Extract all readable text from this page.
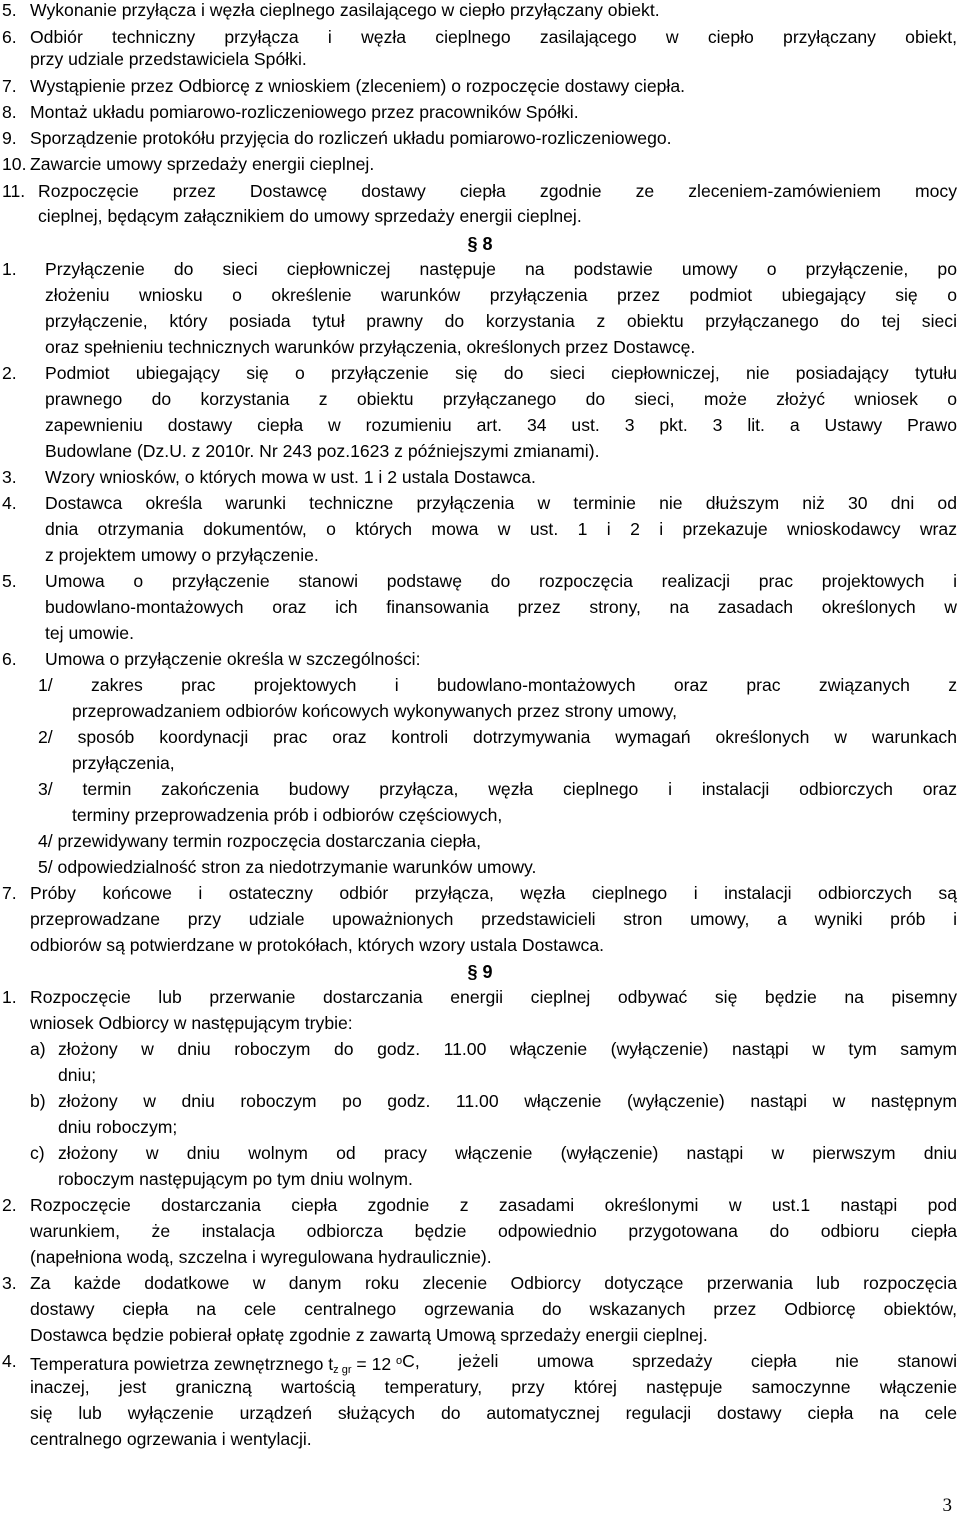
5. Wykonanie przyłącza i węzła cieplnego zasilającego w ciepło przyłączany obiekt.
6. Odbiór techniczny przyłącza i węzła cieplnego zasilającego w ciepło przyłączany obiekt,
przy udziale przedstawiciela Spółki.
7. Wystąpienie przez Odbiorcę z wnioskiem (zleceniem) o rozpoczęcie dostawy ciepła.
8. Montaż układu pomiarowo-rozliczeniowego przez pracowników Spółki.
9. Sporządzenie protokółu przyjęcia do rozliczeń układu pomiarowo-rozliczeniowego.
10. Zawarcie umowy sprzedaży energii cieplnej.
11. Rozpoczęcie przez Dostawcę dostawy ciepła zgodnie ze zleceniem-zamówieniem mocy
cieplnej, będącym załącznikiem do umowy sprzedaży energii cieplnej.
§ 8
1. Przyłączenie do sieci ciepłowniczej następuje na podstawie umowy o przyłączenie, po
złożeniu wniosku o określenie warunków przyłączenia przez podmiot ubiegający się o
przyłączenie, który posiada tytuł prawny do korzystania z obiektu przyłączanego do tej sieci
oraz spełnieniu technicznych warunków przyłączenia, określonych przez Dostawcę.
2. Podmiot ubiegający się o przyłączenie się do sieci ciepłowniczej, nie posiadający tytułu
prawnego do korzystania z obiektu przyłączanego do sieci, może złożyć wniosek o
zapewnieniu dostawy ciepła w rozumieniu art. 34 ust. 3 pkt. 3 lit. a Ustawy Prawo
Budowlane (Dz.U. z 2010r. Nr 243 poz.1623 z późniejszymi zmianami).
3. Wzory wniosków, o których mowa w ust. 1 i 2 ustala Dostawca.
4. Dostawca określa warunki techniczne przyłączenia w terminie nie dłuższym niż 30 dni od
dnia otrzymania dokumentów, o których mowa w ust. 1 i 2 i przekazuje wnioskodawcy wraz
z projektem umowy o przyłączenie.
5. Umowa o przyłączenie stanowi podstawę do rozpoczęcia realizacji prac projektowych i
budowlano-montażowych oraz ich finansowania przez strony, na zasadach określonych w
tej umowie.
6. Umowa o przyłączenie określa w szczególności:
1/ zakres prac projektowych i budowlano-montażowych oraz prac związanych z
przeprowadzaniem odbiorów końcowych wykonywanych przez strony umowy,
2/ sposób koordynacji prac oraz kontroli dotrzymywania wymagań określonych w warunkach
przyłączenia,
3/ termin zakończenia budowy przyłącza, węzła cieplnego i instalacji odbiorczych oraz
terminy przeprowadzenia prób i odbiorów częściowych,
4/ przewidywany termin rozpoczęcia dostarczania ciepła,
5/ odpowiedzialność stron za niedotrzymanie warunków umowy.
7. Próby końcowe i ostateczny odbiór przyłącza, węzła cieplnego i instalacji odbiorczych są
przeprowadzane przy udziale upoważnionych przedstawicieli stron umowy, a wyniki prób i
odbiorów są potwierdzane w protokółach, których wzory ustala Dostawca.
§ 9
1. Rozpoczęcie lub przerwanie dostarczania energii cieplnej odbywać się będzie na pisemny
wniosek Odbiorcy w następującym trybie:
a) złożony w dniu roboczym do godz. 11.00 włączenie (wyłączenie) nastąpi w tym samym
dniu;
b) złożony w dniu roboczym po godz. 11.00 włączenie (wyłączenie) nastąpi w następnym
dniu roboczym;
c) złożony w dniu wolnym od pracy włączenie (wyłączenie) nastąpi w pierwszym dniu
roboczym następującym po tym dniu wolnym.
2. Rozpoczęcie dostarczania ciepła zgodnie z zasadami określonymi w ust.1 nastąpi pod
warunkiem, że instalacja odbiorcza będzie odpowiednio przygotowana do odbioru ciepła
(napełniona wodą, szczelna i wyregulowana hydraulicznie).
3. Za każde dodatkowe w danym roku zlecenie Odbiorcy dotyczące przerwania lub rozpoczęcia
dostawy ciepła na cele centralnego ogrzewania do wskazanych przez Odbiorcę obiektów,
Dostawca będzie pobierał opłatę zgodnie z zawartą Umową sprzedaży energii cieplnej.
4. Temperatura powietrza zewnętrznego $t_{z gr} = 12$ $^o$ C, jeżeli umowa sprzedaży ciepła nie stanowi
inaczej, jest graniczną wartością temperatury, przy której następuje samoczynne włączenie
się lub wyłączenie urządzeń służących do automatycznej regulacji dostawy ciepła na cele
centralnego ogrzewania i wentylacji.
3
